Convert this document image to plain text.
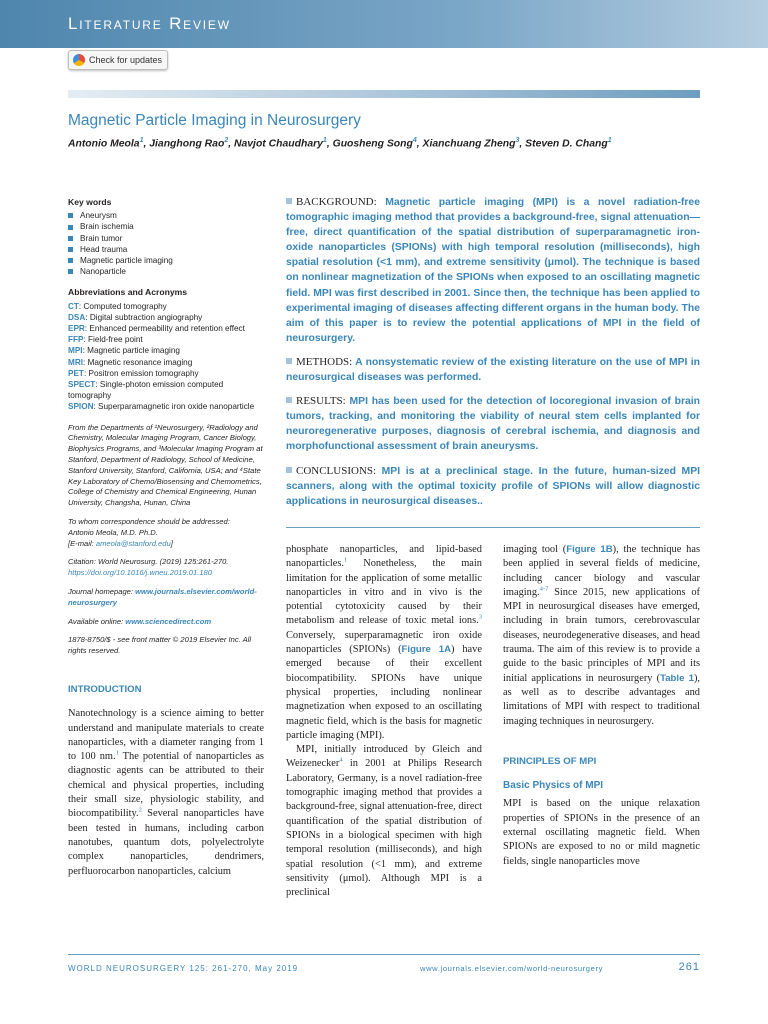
Literature Review
Check for updates
Magnetic Particle Imaging in Neurosurgery
Antonio Meola$^1$, Jianghong Rao$^2$, Navjot Chaudhary$^1$, Guosheng Song$^4$, Xianchuang Zheng$^3$, Steven D. Chang$^1$
Key words
Aneurysm
Brain ischemia
Brain tumor
Head trauma
Magnetic particle imaging
Nanoparticle
Abbreviations and Acronyms
CT: Computed tomography
DSA: Digital subtraction angiography
EPR: Enhanced permeability and retention effect
FFP: Field-free point
MPI: Magnetic particle imaging
MRI: Magnetic resonance imaging
PET: Positron emission tomography
SPECT: Single-photon emission computed tomography
SPION: Superparamagnetic iron oxide nanoparticle
From the Departments of ¹Neurosurgery, ²Radiology and Chemistry, Molecular Imaging Program, Cancer Biology, Biophysics Programs, and ³Molecular Imaging Program at Stanford, Department of Radiology, School of Medicine, Stanford University, Stanford, California, USA; and ⁴State Key Laboratory of Chemo/Biosensing and Chemometrics, College of Chemistry and Chemical Engineering, Hunan University, Changsha, Hunan, China
To whom correspondence should be addressed:
Antonio Meola, M.D. Ph.D.
[E-mail: ameola@stanford.edu]
Citation: World Neurosurg. (2019) 125:261-270.
https://doi.org/10.1016/j.wneu.2019.01.180
Journal homepage: www.journals.elsevier.com/world-neurosurgery
Available online: www.sciencedirect.com
1878-8750/$ - see front matter © 2019 Elsevier Inc. All rights reserved.

BACKGROUND: Magnetic particle imaging (MPI) is a novel radiation-free tomographic imaging method that provides a background-free, signal attenuation—free, direct quantification of the spatial distribution of superparamagnetic iron-oxide nanoparticles (SPIONs) with high temporal resolution (milliseconds), high spatial resolution (<1 mm), and extreme sensitivity (μmol). The technique is based on nonlinear magnetization of the SPIONs when exposed to an oscillating magnetic field. MPI was first described in 2001. Since then, the technique has been applied to experimental imaging of diseases affecting different organs in the human body. The aim of this paper is to review the potential applications of MPI in the field of neurosurgery.

METHODS: A nonsystematic review of the existing literature on the use of MPI in neurosurgical diseases was performed.

RESULTS: MPI has been used for the detection of locoregional invasion of brain tumors, tracking, and monitoring the viability of neural stem cells implanted for neuroregenerative purposes, diagnosis of cerebral ischemia, and diagnosis and morphofunctional assessment of brain aneurysms.

CONCLUSIONS: MPI is at a preclinical stage. In the future, human-sized MPI scanners, along with the optimal toxicity profile of SPIONs will allow diagnostic applications in neurosurgical diseases..

INTRODUCTION

Nanotechnology is a science aiming to better understand and manipulate materials to create nanoparticles, with a diameter ranging from 1 to 100 nm.$^1$ The potential of nanoparticles as diagnostic agents can be attributed to their chemical and physical properties, including their small size, physiologic stability, and biocompatibility.$^2$ Several nanoparticles have been tested in humans, including carbon nanotubes, quantum dots, polyelectrolyte complex nanoparticles, dendrimers, perfluorocarbon nanoparticles, calcium

phosphate nanoparticles, and lipid-based nanoparticles.$^1$ Nonetheless, the main limitation for the application of some metallic nanoparticles in vitro and in vivo is the potential cytotoxicity caused by their metabolism and release of toxic metal ions.$^3$ Conversely, superparamagnetic iron oxide nanoparticles (SPIONs) (Figure 1A) have emerged because of their excellent biocompatibility. SPIONs have unique physical properties, including nonlinear magnetization when exposed to an oscillating magnetic field, which is the basis for magnetic particle imaging (MPI).

MPI, initially introduced by Gleich and Weizenecker$^4$ in 2001 at Philips Research Laboratory, Germany, is a novel radiation-free tomographic imaging method that provides a background-free, signal attenuation-free, direct quantification of the spatial distribution of SPIONs in a biological specimen with high temporal resolution (milliseconds), and high spatial resolution (<1 mm), and extreme sensitivity (μmol). Although MPI is a preclinical

imaging tool (Figure 1B), the technique has been applied in several fields of medicine, including cancer biology and vascular imaging.$^{4-7}$ Since 2015, new applications of MPI in neurosurgical diseases have emerged, including in brain tumors, cerebrovascular diseases, neurodegenerative diseases, and head trauma. The aim of this review is to provide a guide to the basic principles of MPI and its initial applications in neurosurgery (Table 1), as well as to describe advantages and limitations of MPI with respect to traditional imaging techniques in neurosurgery.

PRINCIPLES OF MPI
Basic Physics of MPI

MPI is based on the unique relaxation properties of SPIONs in the presence of an external oscillating magnetic field. When SPIONs are exposed to no or mild magnetic fields, single nanoparticles move

WORLD NEUROSURGERY 125: 261-270, May 2019	www.journals.elsevier.com/world-neurosurgery	261
